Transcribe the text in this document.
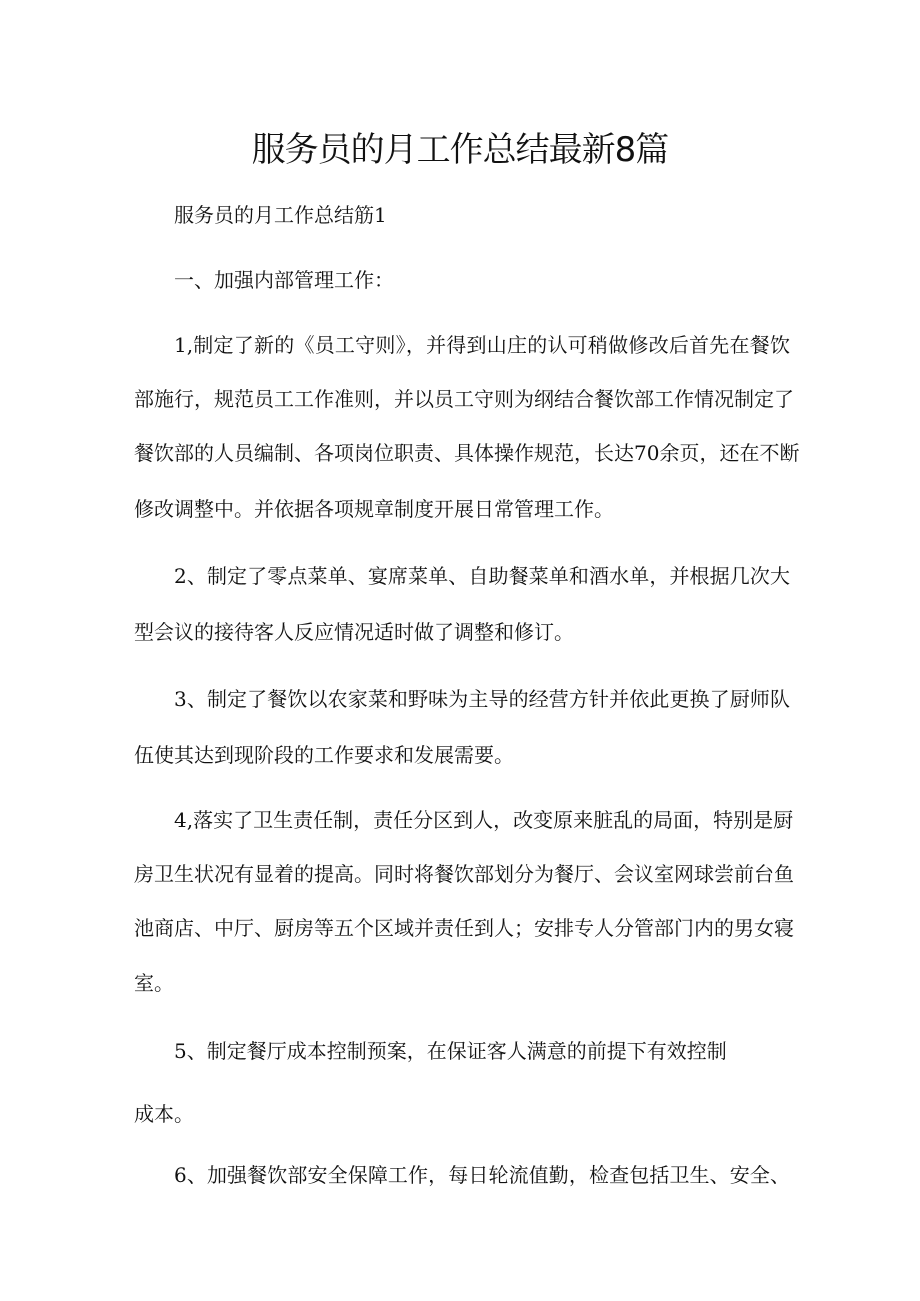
服务员的月工作总结最新8篇

服务员的月工作总结筋1

一、加强内部管理工作：

1,制定了新的《员工守则》，并得到山庄的认可稍做修改后首先在餐饮

部施行，规范员工工作准则，并以员工守则为纲结合餐饮部工作情况制定了

餐饮部的人员编制、各项岗位职责、具体操作规范，长达70余页，还在不断

修改调整中。并依据各项规章制度开展日常管理工作。

2、制定了零点菜单、宴席菜单、自助餐菜单和酒水单，并根据几次大

型会议的接待客人反应情况适时做了调整和修订。

3、制定了餐饮以农家菜和野味为主导的经营方针并依此更换了厨师队

伍使其达到现阶段的工作要求和发展需要。

4,落实了卫生责任制，责任分区到人，改变原来脏乱的局面，特别是厨

房卫生状况有显着的提高。同时将餐饮部划分为餐厅、会议室网球尝前台鱼

池商店、中厅、厨房等五个区域并责任到人；安排专人分管部门内的男女寝

室。

5、制定餐厅成本控制预案，在保证客人满意的前提下有效控制

成本。

6、加强餐饮部安全保障工作，每日轮流值勤，检查包括卫生、安全、
